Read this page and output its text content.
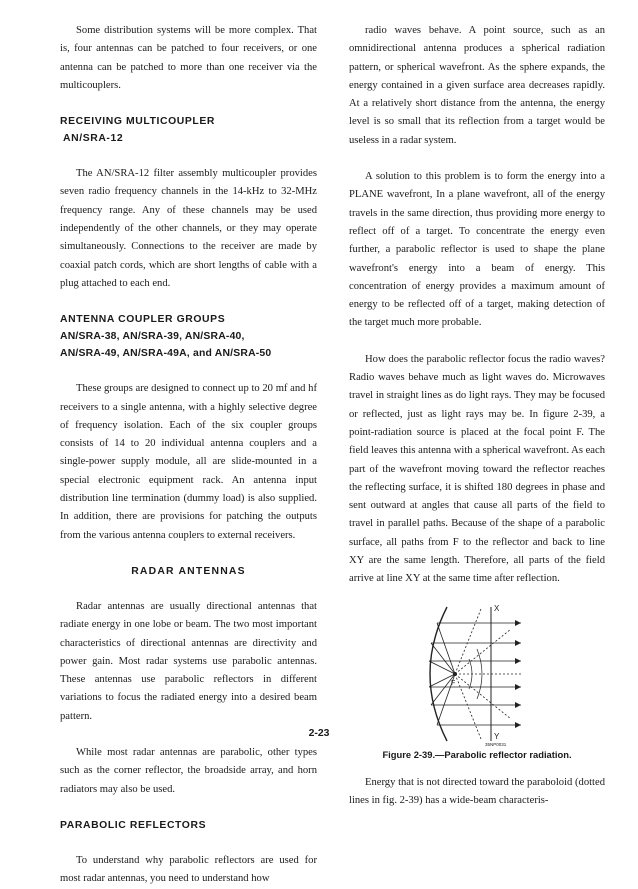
Some distribution systems will be more complex. That is, four antennas can be patched to four receivers, or one antenna can be patched to more than one receiver via the multicouplers.

RECEIVING MULTICOUPLER
AN/SRA-12

The AN/SRA-12 filter assembly multicoupler provides seven radio frequency channels in the 14-kHz to 32-MHz frequency range. Any of these channels may be used independently of the other channels, or they may operate simultaneously. Connections to the receiver are made by coaxial patch cords, which are short lengths of cable with a plug attached to each end.

ANTENNA COUPLER GROUPS
AN/SRA-38, AN/SRA-39, AN/SRA-40,
AN/SRA-49, AN/SRA-49A, and AN/SRA-50

These groups are designed to connect up to 20 mf and hf receivers to a single antenna, with a highly selective degree of frequency isolation. Each of the six coupler groups consists of 14 to 20 individual antenna couplers and a single-power supply module, all are slide-mounted in a special electronic equipment rack. An antenna input distribution line termination (dummy load) is also supplied. In addition, there are provisions for patching the outputs from the various antenna couplers to external receivers.

RADAR ANTENNAS

Radar antennas are usually directional antennas that radiate energy in one lobe or beam. The two most important characteristics of directional antennas are directivity and power gain. Most radar systems use parabolic antennas. These antennas use parabolic reflectors in different variations to focus the radiated energy into a desired beam pattern.

While most radar antennas are parabolic, other types such as the corner reflector, the broadside array, and horn radiators may also be used.

PARABOLIC REFLECTORS

To understand why parabolic reflectors are used for most radar antennas, you need to understand how

radio waves behave. A point source, such as an omnidirectional antenna produces a spherical radiation pattern, or spherical wavefront. As the sphere expands, the energy contained in a given surface area decreases rapidly. At a relatively short distance from the antenna, the energy level is so small that its reflection from a target would be useless in a radar system.

A solution to this problem is to form the energy into a PLANE wavefront, In a plane wavefront, all of the energy travels in the same direction, thus providing more energy to reflect off of a target. To concentrate the energy even further, a parabolic reflector is used to shape the plane wavefront's energy into a beam of energy. This concentration of energy provides a maximum amount of energy to be reflected off of a target, making detection of the target much more probable.

How does the parabolic reflector focus the radio waves? Radio waves behave much as light waves do. Microwaves travel in straight lines as do light rays. They may be focused or reflected, just as light rays may be. In figure 2-39, a point-radiation source is placed at the focal point F. The field leaves this antenna with a spherical wavefront. As each part of the wavefront moving toward the reflector reaches the reflecting surface, it is shifted 180 degrees in phase and sent outward at angles that cause all parts of the field to travel in parallel paths. Because of the shape of a parabolic surface, all paths from F to the reflector and back to line XY are the same length. Therefore, all parts of the field arrive at line XY at the same time after reflection.

X
Y
F
35NP0031
Figure 2-39.—Parabolic reflector radiation.

Energy that is not directed toward the paraboloid (dotted lines in fig. 2-39) has a wide-beam characteris-

2-23
